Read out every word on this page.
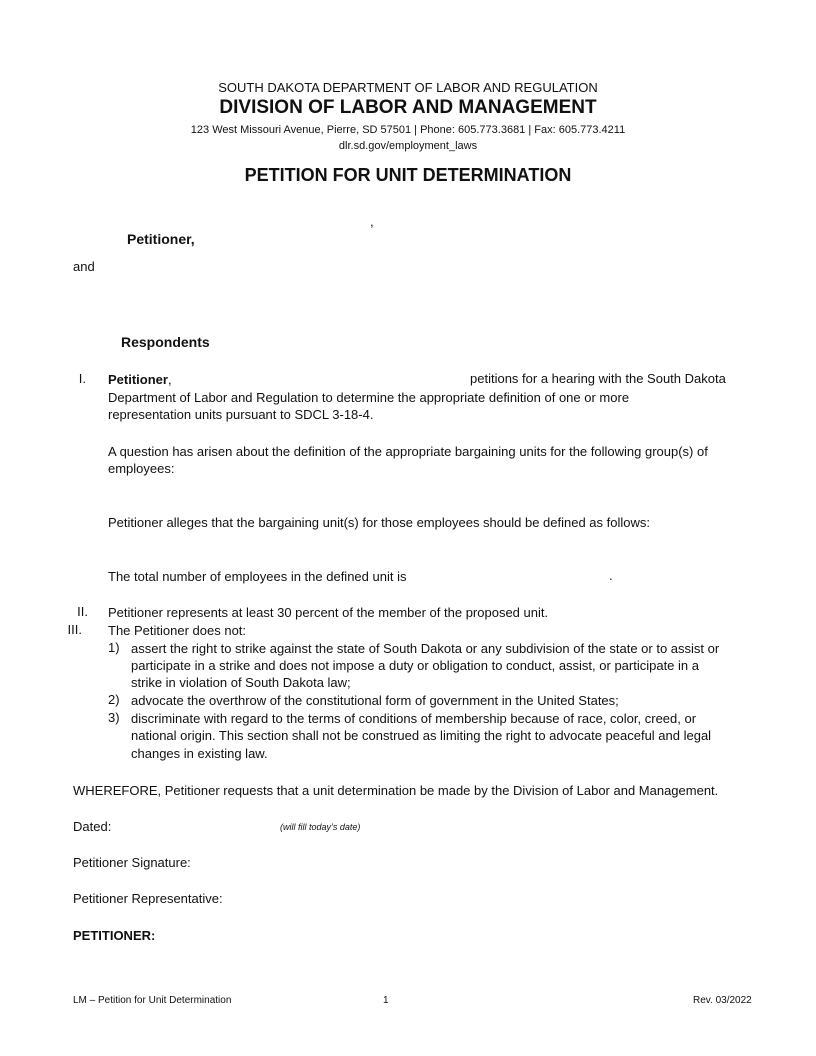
SOUTH DAKOTA DEPARTMENT OF LABOR AND REGULATION
DIVISION OF LABOR AND MANAGEMENT
123 West Missouri Avenue, Pierre, SD 57501 | Phone: 605.773.3681 | Fax: 605.773.4211
dlr.sd.gov/employment_laws
PETITION FOR UNIT DETERMINATION
,
Petitioner,
and
Respondents
I. Petitioner,	petitions for a hearing with the South Dakota
Department of Labor and Regulation to determine the appropriate definition of one or more
representation units pursuant to SDCL 3-18-4.
A question has arisen about the definition of the appropriate bargaining units for the following group(s) of
employees:
Petitioner alleges that the bargaining unit(s) for those employees should be defined as follows:
The total number of employees in the defined unit is	.
II. Petitioner represents at least 30 percent of the member of the proposed unit.
III. The Petitioner does not:
1) assert the right to strike against the state of South Dakota or any subdivision of the state or to assist or
participate in a strike and does not impose a duty or obligation to conduct, assist, or participate in a
strike in violation of South Dakota law;
2) advocate the overthrow of the constitutional form of government in the United States;
3) discriminate with regard to the terms of conditions of membership because of race, color, creed, or
national origin. This section shall not be construed as limiting the right to advocate peaceful and legal
changes in existing law.
WHEREFORE, Petitioner requests that a unit determination be made by the Division of Labor and Management.
Dated:	(will fill today’s date)
Petitioner Signature:
Petitioner Representative:
PETITIONER:
LM – Petition for Unit Determination	1	Rev. 03/2022
